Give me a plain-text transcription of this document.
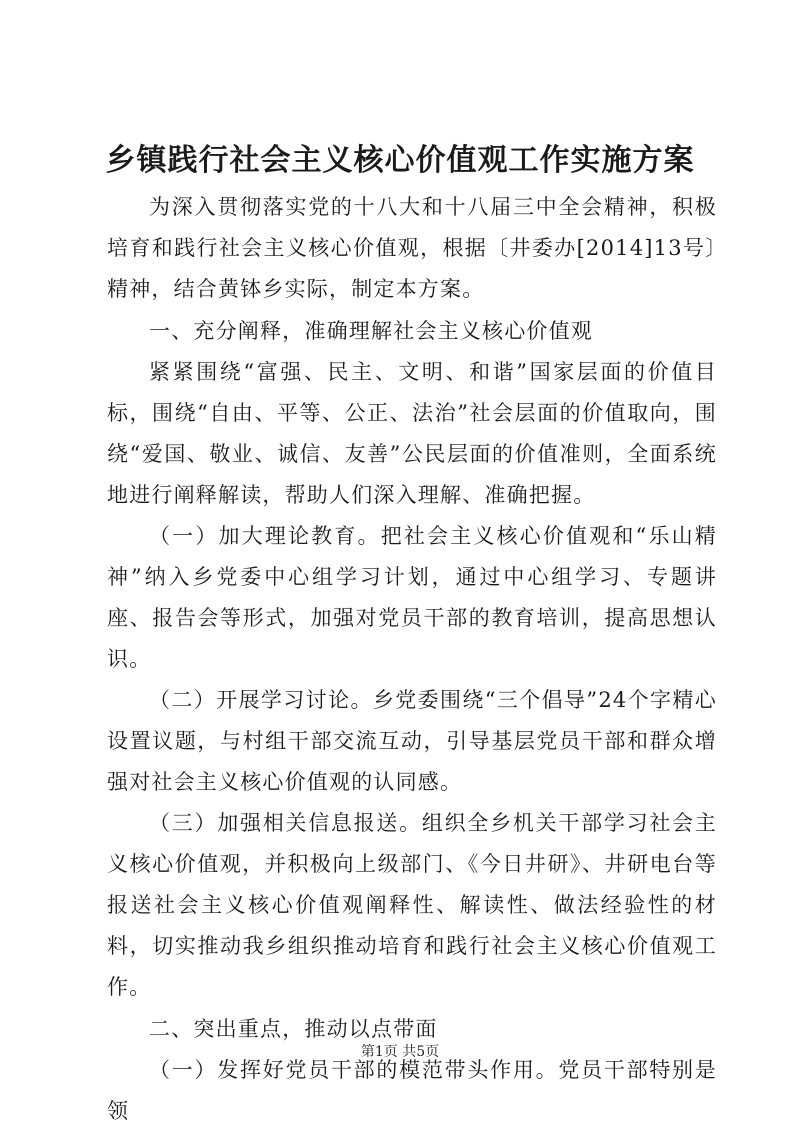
乡镇践行社会主义核心价值观工作实施方案

为深入贯彻落实党的十八大和十八届三中全会精神，积极培育和践行社会主义核心价值观，根据〔井委办[2014]13号〕精神，结合黄钵乡实际，制定本方案。

一、充分阐释，准确理解社会主义核心价值观

紧紧围绕“富强、民主、文明、和谐”国家层面的价值目标，围绕“自由、平等、公正、法治”社会层面的价值取向，围绕“爱国、敬业、诚信、友善”公民层面的价值准则，全面系统地进行阐释解读，帮助人们深入理解、准确把握。

（一）加大理论教育。把社会主义核心价值观和“乐山精神”纳入乡党委中心组学习计划，通过中心组学习、专题讲座、报告会等形式，加强对党员干部的教育培训，提高思想认识。

（二）开展学习讨论。乡党委围绕“三个倡导”24个字精心设置议题，与村组干部交流互动，引导基层党员干部和群众增强对社会主义核心价值观的认同感。

（三）加强相关信息报送。组织全乡机关干部学习社会主义核心价值观，并积极向上级部门、《今日井研》、井研电台等报送社会主义核心价值观阐释性、解读性、做法经验性的材料，切实推动我乡组织推动培育和践行社会主义核心价值观工作。

二、突出重点，推动以点带面

（一）发挥好党员干部的模范带头作用。党员干部特别是领

第1页 共5页
